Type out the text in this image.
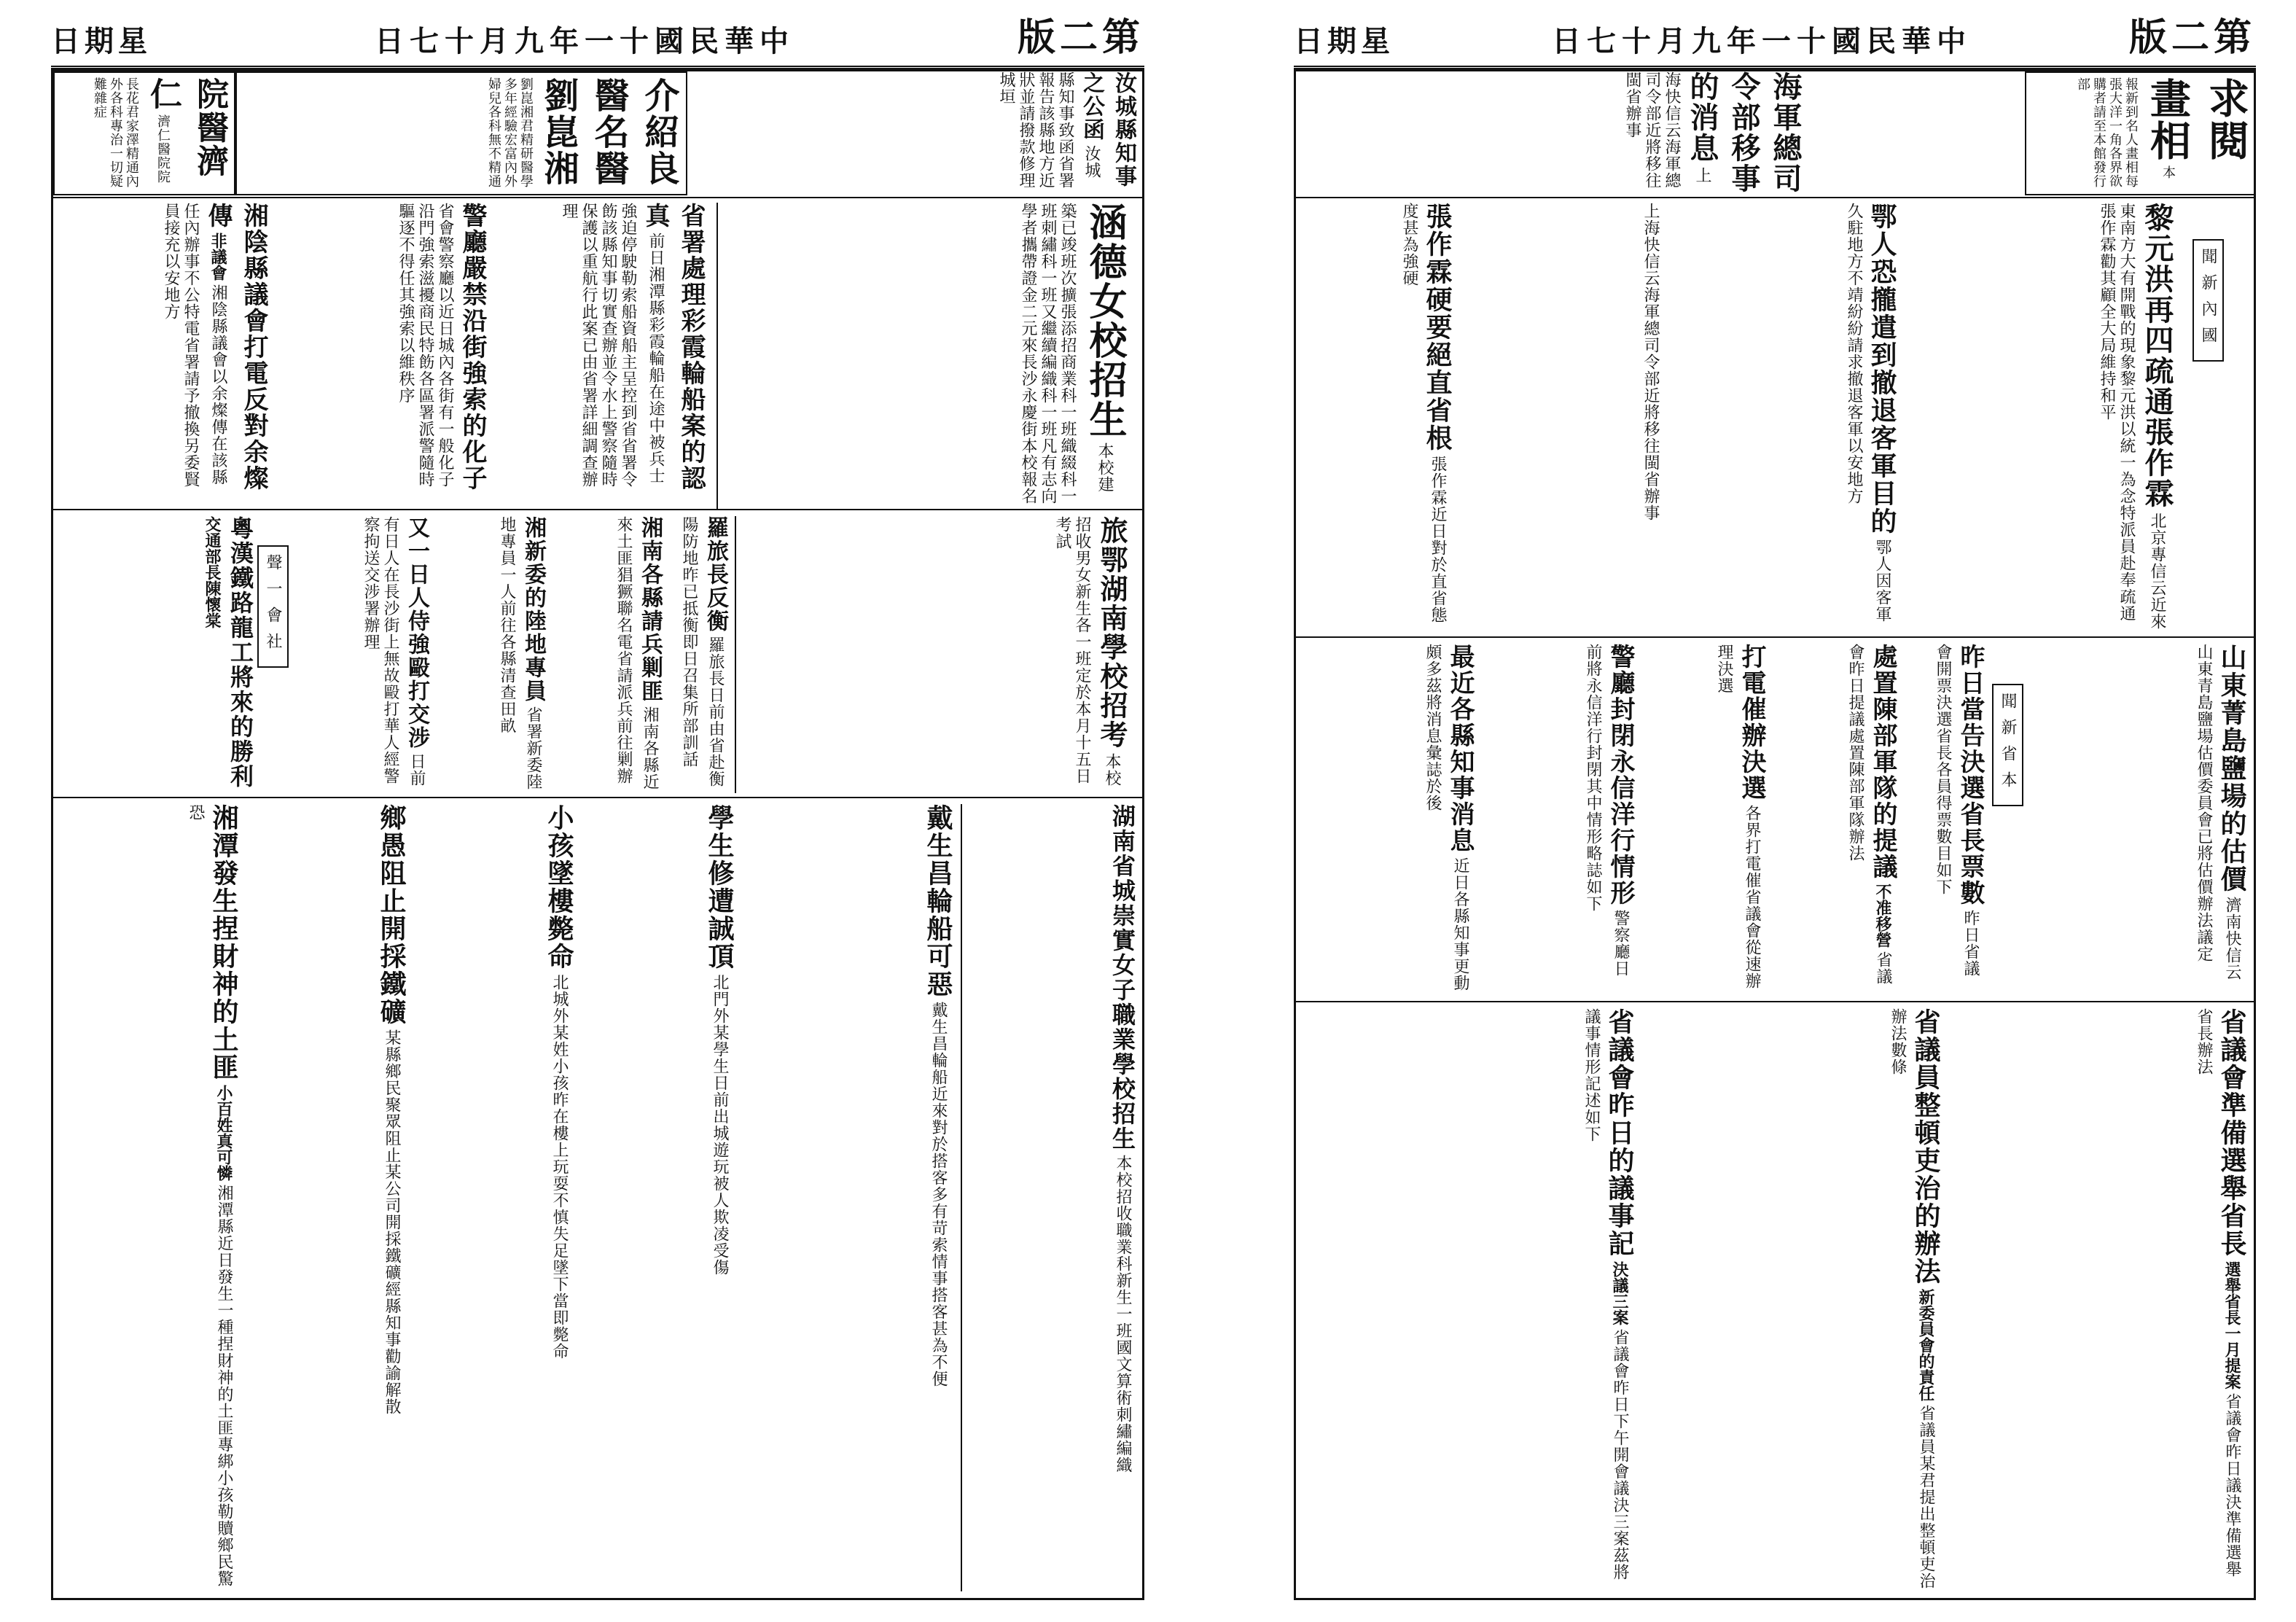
日期星	日七十月九年一十國民華中	版二第	日期星	日七十月九年一十國民華中	版二第
院醫濟仁 濟仁醫院院長花君家澤精通內外各科專治一切疑難雜症	介紹良醫名醫劉崑湘 劉崑湘君精研醫學多年經驗宏富內外婦兒各科無不精通	汝城縣知事之公函 汝城縣知事致函省署報告該縣地方近狀並請撥款修理城垣
湘陰縣議會打電反對余燦傳 非議會 湘陰縣議會以余燦傳在該縣任內辦事不公特電省署請予撤換另委賢員接充以安地方	警廳嚴禁沿街強索的化子 省會警察廳以近日城內各街有一般化子沿門強索滋擾商民特飭各區署派警隨時驅逐不得任其強索以維秩序	省署處理彩霞輪船案的認真 前日湘潭縣彩霞輪船在途中被兵士強迫停駛勒索船資船主呈控到省省署令飭該縣知事切實查辦並令水上警察隨時保護以重航行此案已由省署詳細調查辦理	涵德女校招生 本校建築已竣班次擴張添招商業科一班織綴科一班刺繡科一班又繼續編織科一班凡有志向學者攜帶證金二元來長沙永慶街本校報名
粵漢鐵路龍工將來的勝利 交通部長陳懷棠	聲一會社	又一日人侍強毆打交涉 日前有日人在長沙街上無故毆打華人經警察拘送交涉署辦理	湘新委的陸地專員 省署新委陸地專員一人前往各縣清查田畝	湘南各縣請兵剿匪 湘南各縣近來土匪猖獗聯名電省請派兵前往剿辦	羅旅長反衡 羅旅長日前由省赴衡陽防地昨已抵衡即日召集所部訓話	旅鄂湖南學校招考 本校招收男女新生各一班定於本月十五日考試
湘潭發生捏財神的土匪 小百姓真可憐 湘潭縣近日發生一種捏財神的土匪專綁小孩勒贖鄉民驚恐	鄉愚阻止開採鐵礦 某縣鄉民聚眾阻止某公司開採鐵礦經縣知事勸諭解散
小孩墜樓斃命 北城外某姓小孩昨在樓上玩耍不慎失足墜下當即斃命
學生修遭誠頂 北門外某學生日前出城遊玩被人欺凌受傷
戴生昌輪船可惡 戴生昌輪船近來對於搭客多有苛索情事搭客甚為不便
湖南省城崇實女子職業學校招生 本校招收職業科新生一班國文算術刺繡編織
海軍總司令部移事的消息 上海快信云海軍總司令部近將移往閩省辦事	求閱畫相 本報新到名人畫相每張大洋一角各界欲購者請至本館發行部
張作霖硬要絕直省根 張作霖近日對於直省態度甚為強硬	上海快信云海軍總司令部近將移往閩省辦事	鄂人恐攏遣到撤退客軍目的 鄂人因客軍久駐地方不靖紛紛請求撤退客軍以安地方	黎元洪再四疏通張作霖 北京專信云近來東南方大有開戰的現象黎元洪以統一為念特派員赴奉疏通張作霖勸其顧全大局維持和平	聞新內國
最近各縣知事消息 近日各縣知事更動頗多茲將消息彙誌於後	警廳封閉永信洋行情形 警察廳日前將永信洋行封閉其中情形略誌如下	打電催辦決選 各界打電催省議會從速辦理決選	處置陳部軍隊的提議 不准移營 省議會昨日提議處置陳部軍隊辦法	昨日當告決選省長票數 昨日省議會開票決選省長各員得票數目如下	聞新省本	山東菁島鹽場的估價 濟南快信云山東青島鹽場估價委員會已將估價辦法議定
省議會昨日的議事記 決議三案 省議會昨日下午開會議決三案茲將議事情形記述如下	省議員整頓吏治的辦法 新委員會的責任 省議員某君提出整頓吏治辦法數條	省議會準備選舉省長 選舉省長一月提案 省議會昨日議決準備選舉省長辦法
